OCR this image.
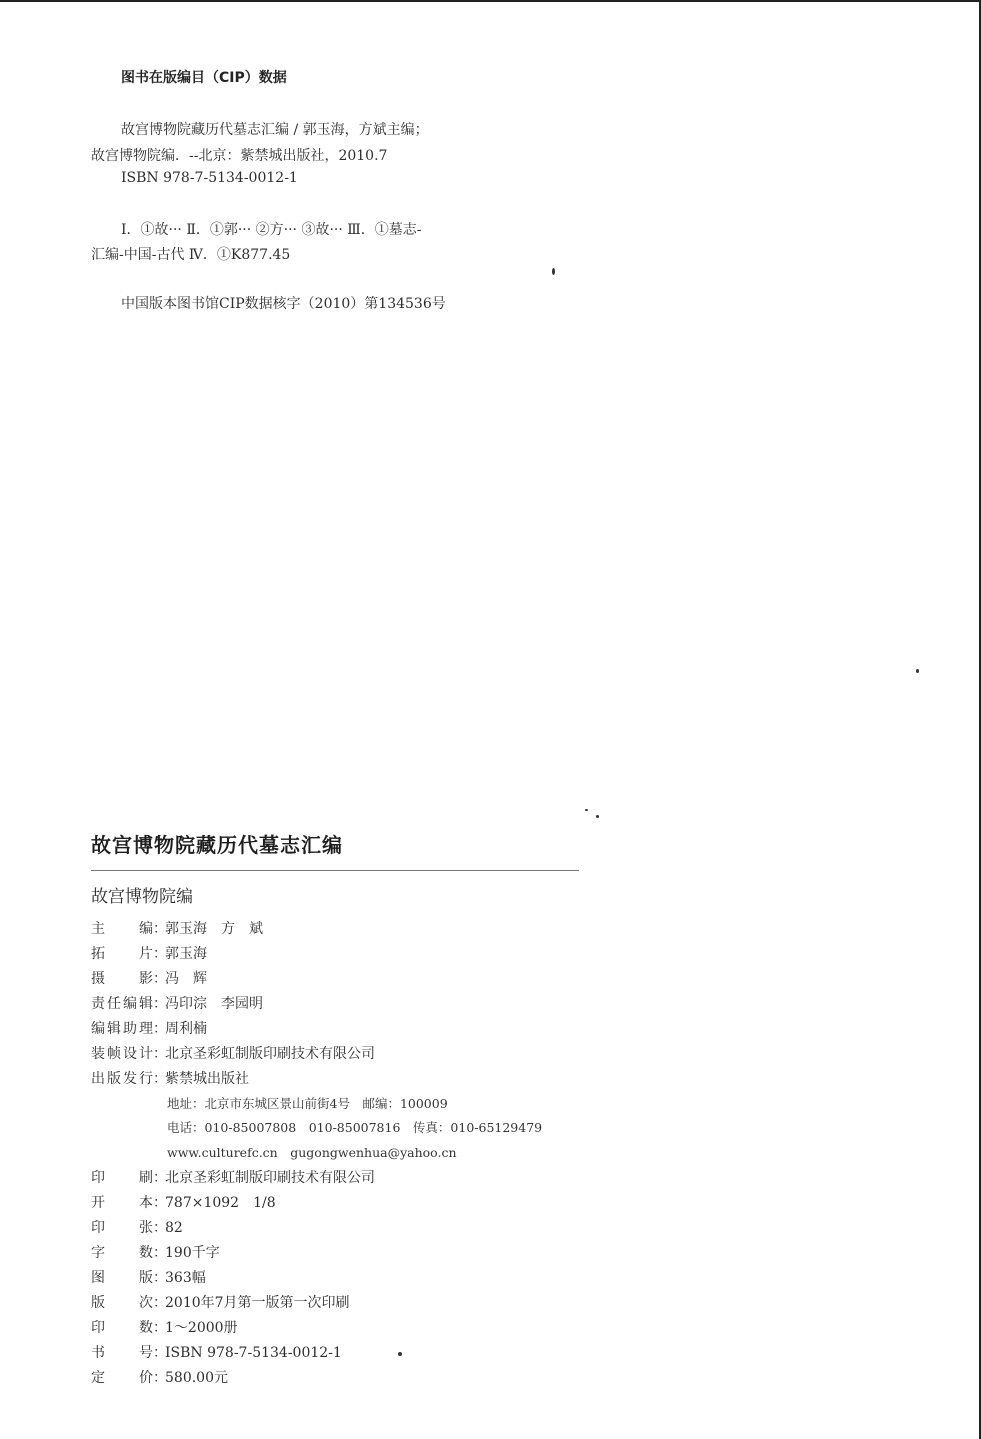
图书在版编目（CIP）数据
故宫博物院藏历代墓志汇编 / 郭玉海，方斌主编；
故宫博物院编．--北京：紫禁城出版社，2010.7
ISBN 978-7-5134-0012-1
Ⅰ．①故··· Ⅱ．①郭··· ②方··· ③故··· Ⅲ．①墓志-
汇编-中国-古代 Ⅳ．①K877.45
中国版本图书馆CIP数据核字（2010）第134536号
故宫博物院藏历代墓志汇编
故宫博物院编
主　编：郭玉海　方　斌
拓　片：郭玉海
摄　影：冯　辉
责任编辑：冯印淙　李园明
编辑助理：周利楠
装帧设计：北京圣彩虹制版印刷技术有限公司
出版发行：紫禁城出版社
地址：北京市东城区景山前街4号　邮编：100009
电话：010-85007808　010-85007816　传真：010-65129479
www.culturefc.cn　gugongwenhua@yahoo.cn
印　刷：北京圣彩虹制版印刷技术有限公司
开　本：787×1092　1/8
印　张：82
字　数：190千字
图　版：363幅
版　次：2010年7月第一版第一次印刷
印　数：1～2000册
书　号：ISBN 978-7-5134-0012-1
定　价：580.00元
